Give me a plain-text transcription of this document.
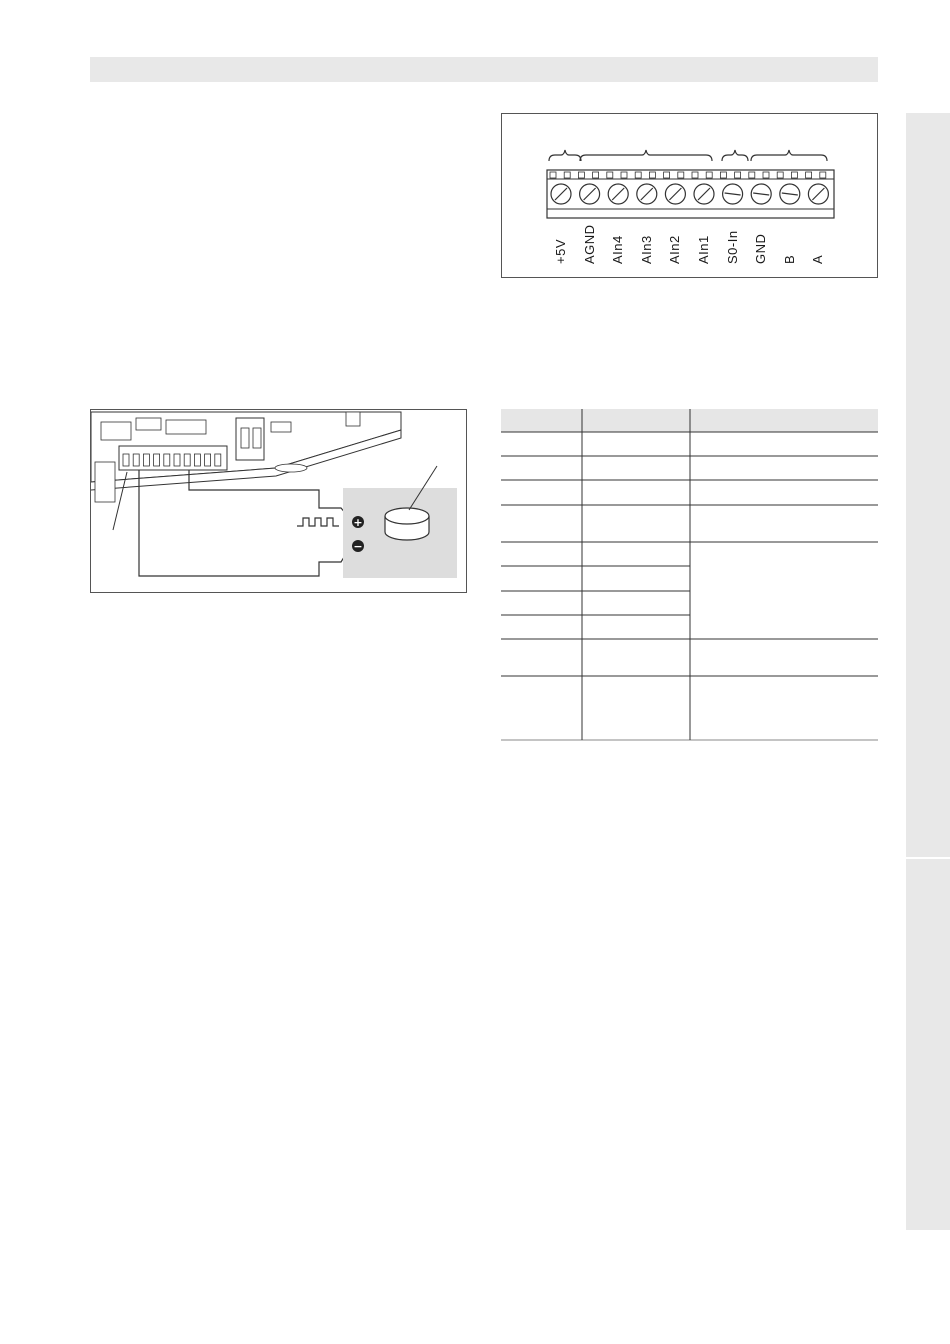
+5V AGND AIn4 AIn3 AIn2 AIn1 S0-In GND B A
+
−
